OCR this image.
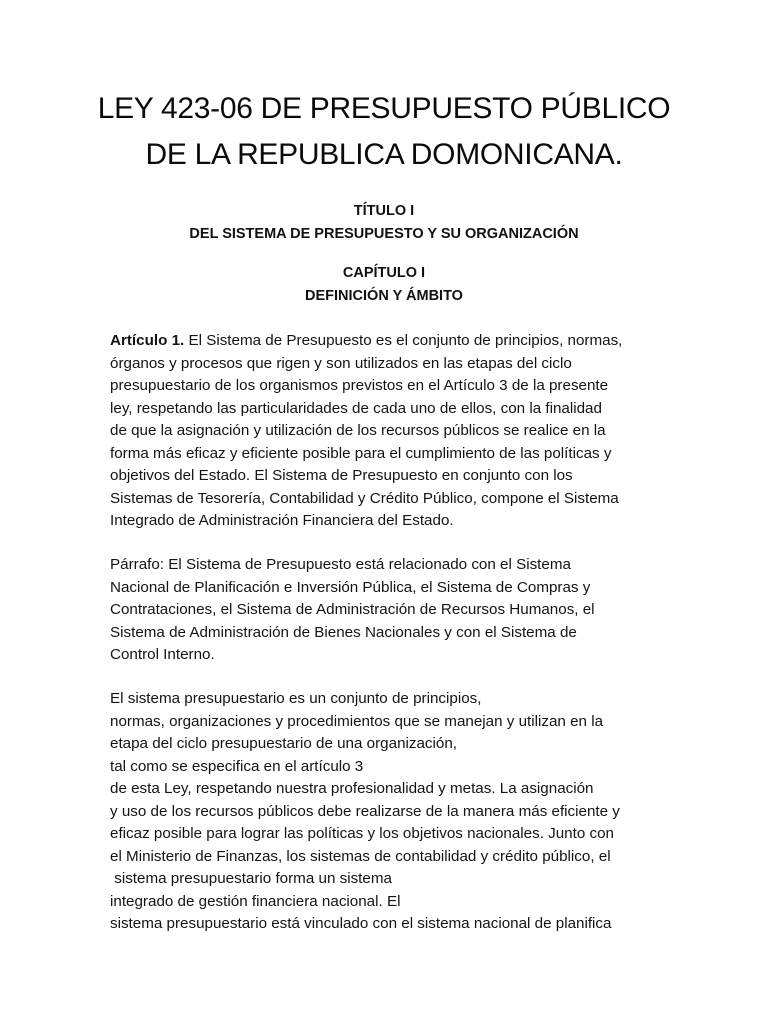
LEY 423-06 DE PRESUPUESTO PÚBLICO
DE LA REPUBLICA DOMONICANA.
TÍTULO I
DEL SISTEMA DE PRESUPUESTO Y SU ORGANIZACIÓN
CAPÍTULO I
DEFINICIÓN Y ÁMBITO
Artículo 1. El Sistema de Presupuesto es el conjunto de principios, normas,
órganos y procesos que rigen y son utilizados en las etapas del ciclo
presupuestario de los organismos previstos en el Artículo 3 de la presente
ley, respetando las particularidades de cada uno de ellos, con la finalidad
de que la asignación y utilización de los recursos públicos se realice en la
forma más eficaz y eficiente posible para el cumplimiento de las políticas y
objetivos del Estado. El Sistema de Presupuesto en conjunto con los
Sistemas de Tesorería, Contabilidad y Crédito Público, compone el Sistema
Integrado de Administración Financiera del Estado.
Párrafo: El Sistema de Presupuesto está relacionado con el Sistema
Nacional de Planificación e Inversión Pública, el Sistema de Compras y
Contrataciones, el Sistema de Administración de Recursos Humanos, el
Sistema de Administración de Bienes Nacionales y con el Sistema de
Control Interno.
El sistema presupuestario es un conjunto de principios,
normas, organizaciones y procedimientos que se manejan y utilizan en la
etapa del ciclo presupuestario de una organización,
tal como se especifica en el artículo 3
de esta Ley, respetando nuestra profesionalidad y metas. La asignación
y uso de los recursos públicos debe realizarse de la manera más eficiente y
eficaz posible para lograr las políticas y los objetivos nacionales. Junto con
el Ministerio de Finanzas, los sistemas de contabilidad y crédito público, el
sistema presupuestario forma un sistema
integrado de gestión financiera nacional. El
sistema presupuestario está vinculado con el sistema nacional de planifica
